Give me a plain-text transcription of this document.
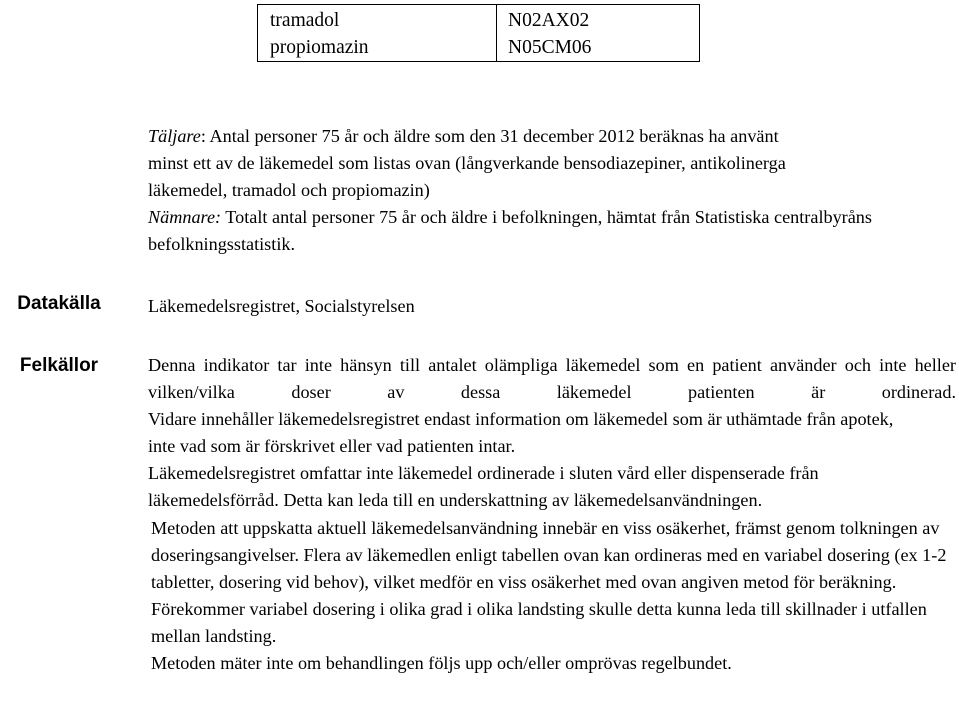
tramadol	N02AX02
propiomazin	N05CM06
Täljare: Antal personer 75 år och äldre som den 31 december 2012 beräknas ha använt minst ett av de läkemedel som listas ovan (långverkande bensodiazepiner, antikolinerga läkemedel, tramadol och propiomazin)
Nämnare: Totalt antal personer 75 år och äldre i befolkningen, hämtat från Statistiska centralbyråns befolkningsstatistik.
Datakälla	Läkemedelsregistret, Socialstyrelsen
Felkällor	Denna indikator tar inte hänsyn till antalet olämpliga läkemedel som en patient använder och inte heller vilken/vilka doser av dessa läkemedel patienten är ordinerad.

Vidare innehåller läkemedelsregistret endast information om läkemedel som är uthämtade från apotek, inte vad som är förskrivet eller vad patienten intar.

Läkemedelsregistret omfattar inte läkemedel ordinerade i sluten vård eller dispenserade från läkemedelsförråd. Detta kan leda till en underskattning av läkemedelsanvändningen.

Metoden att uppskatta aktuell läkemedelsanvändning innebär en viss osäkerhet, främst genom tolkningen av doseringsangivelser. Flera av läkemedlen enligt tabellen ovan kan ordineras med en variabel dosering (ex 1-2 tabletter, dosering vid behov), vilket medför en viss osäkerhet med ovan angiven metod för beräkning. Förekommer variabel dosering i olika grad i olika landsting skulle detta kunna leda till skillnader i utfallen mellan landsting.

Metoden mäter inte om behandlingen följs upp och/eller omprövas regelbundet.
